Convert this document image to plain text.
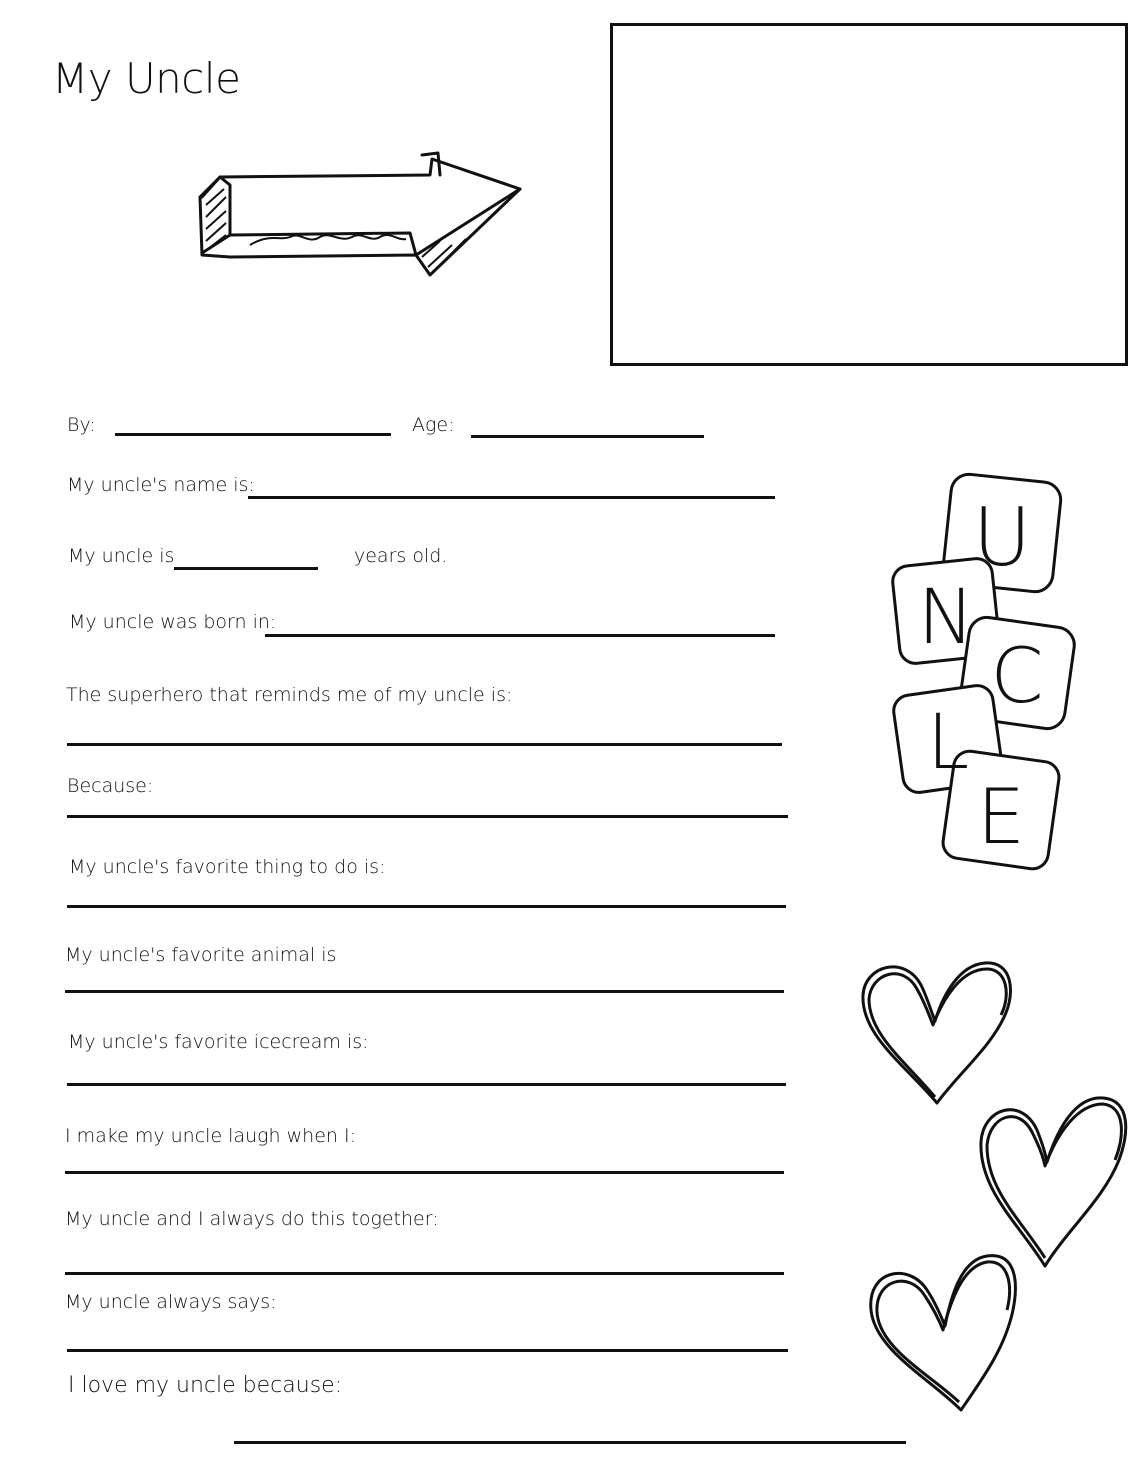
My Uncle
By:	Age:
My uncle's name is:
My uncle is	years old.
My uncle was born in:
The superhero that reminds me of my uncle is:
Because:
My uncle's favorite thing to do is:
My uncle's favorite animal is
My uncle's favorite icecream is:
I make my uncle laugh when I:
My uncle and I always do this together:
My uncle always says:
I love my uncle because:
U
N
C
L
E
